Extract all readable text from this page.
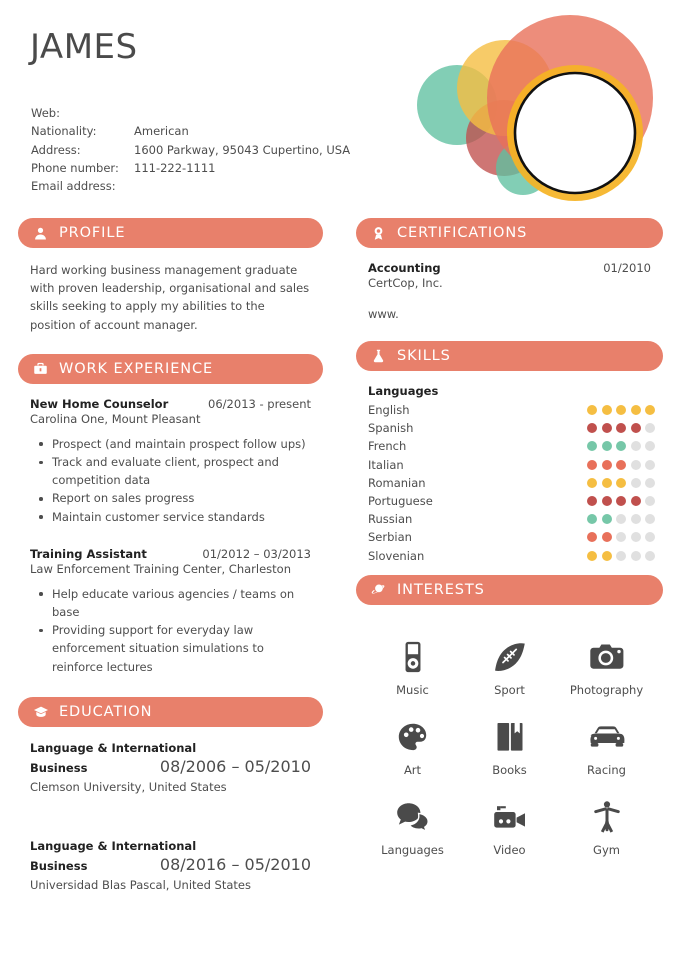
JAMES
Web:
Nationality:	American
Address:	1600 Parkway, 95043 Cupertino, USA
Phone number:	111-222-1111
Email address:
PROFILE
Hard working business management graduate with proven leadership, organisational and sales skills seeking to apply my abilities to the position of account manager.
WORK EXPERIENCE
New Home Counselor	06/2013 - present
Carolina One, Mount Pleasant
Prospect (and maintain prospect follow ups)
Track and evaluate client, prospect and competition data
Report on sales progress
Maintain customer service standards
Training Assistant	01/2012 – 03/2013
Law Enforcement Training Center, Charleston
Help educate various agencies / teams on base
Providing support for everyday law enforcement situation simulations to reinforce lectures
EDUCATION
Language & International
Business	08/2006 – 05/2010
Clemson University, United States
Language & International
Business	08/2016 – 05/2010
Universidad Blas Pascal, United States
CERTIFICATIONS
Accounting	01/2010
CertCop, Inc.
www.
SKILLS
Languages
English
Spanish
French
Italian
Romanian
Portuguese
Russian
Serbian
Slovenian
INTERESTS
Music	Sport	Photography
Art	Books	Racing
Languages	Video	Gym
